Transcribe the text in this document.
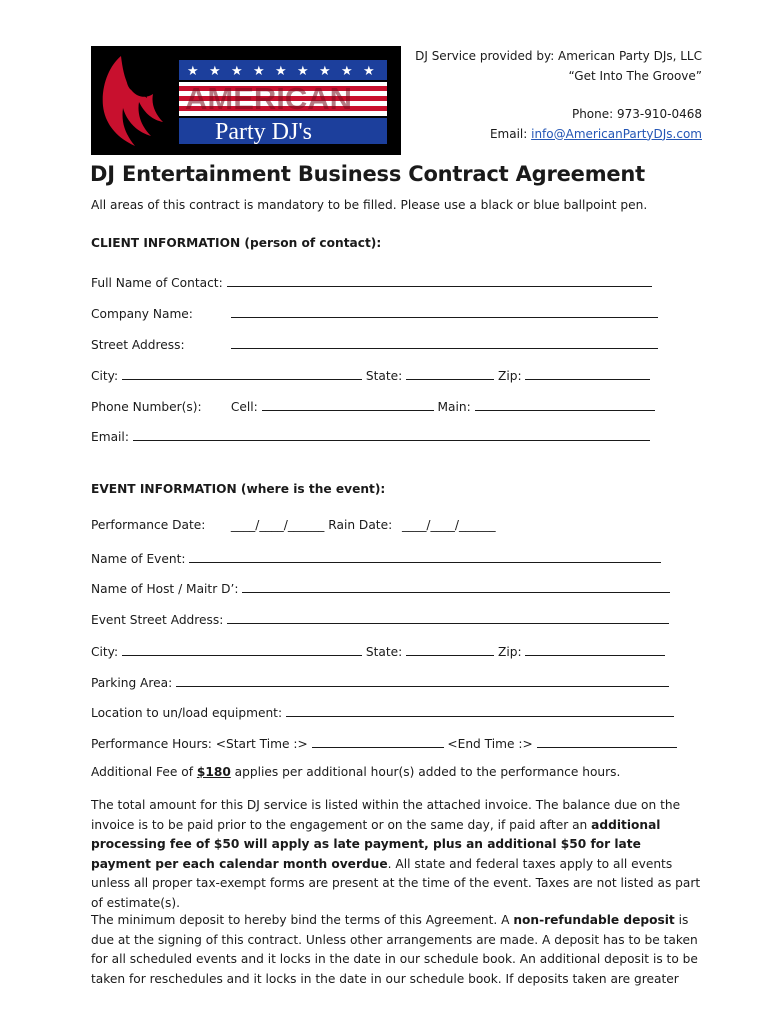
★ ★ ★ ★ ★ ★ ★ ★ ★
AMERICAN
Party DJ's
DJ Service provided by: American Party DJs, LLC
“Get Into The Groove”
Phone: 973-910-0468
Email: info@AmericanPartyDJs.com
DJ Entertainment Business Contract Agreement
All areas of this contract is mandatory to be filled. Please use a black or blue ballpoint pen.
CLIENT INFORMATION (person of contact):
Full Name of Contact:
Company Name:
Street Address:
City:	State:	Zip:
Phone Number(s): Cell:	Main:
Email:
EVENT INFORMATION (where is the event):
Performance Date: ____/____/______ Rain Date: ____/____/______
Name of Event:
Name of Host / Maitr D’:
Event Street Address:
City:	State:	Zip:
Parking Area:
Location to un/load equipment:
Performance Hours: <Start Time :>	<End Time :>
Additional Fee of $180 applies per additional hour(s) added to the performance hours.
The total amount for this DJ service is listed within the attached invoice. The balance due on the invoice is to be paid prior to the engagement or on the same day, if paid after an additional processing fee of $50 will apply as late payment, plus an additional $50 for late payment per each calendar month overdue. All state and federal taxes apply to all events unless all proper tax-exempt forms are present at the time of the event. Taxes are not listed as part of estimate(s).
The minimum deposit to hereby bind the terms of this Agreement. A non-refundable deposit is due at the signing of this contract. Unless other arrangements are made. A deposit has to be taken for all scheduled events and it locks in the date in our schedule book. An additional deposit is to be taken for reschedules and it locks in the date in our schedule book. If deposits taken are greater
